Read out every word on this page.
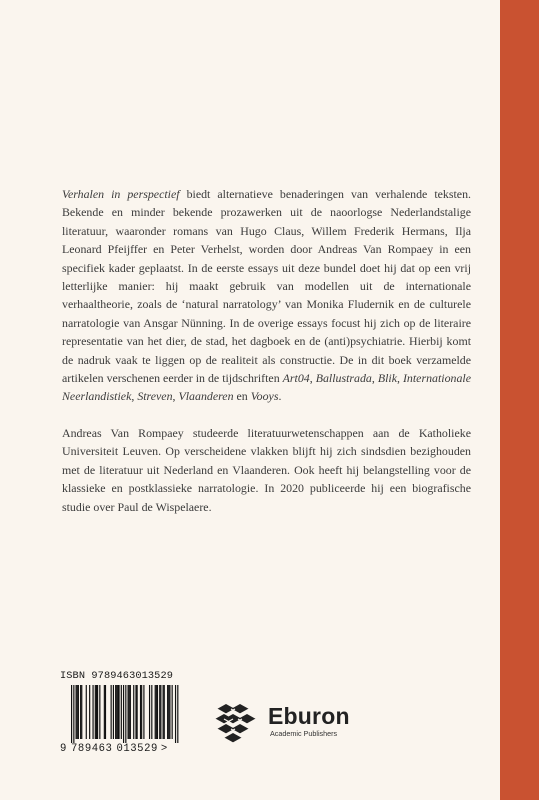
Verhalen in perspectief biedt alternatieve benaderingen van verhalende teksten. Bekende en minder bekende prozawerken uit de naoorlogse Nederlandstalige literatuur, waaronder romans van Hugo Claus, Willem Frederik Hermans, Ilja Leonard Pfeijffer en Peter Verhelst, worden door Andreas Van Rompaey in een specifiek kader geplaatst. In de eerste essays uit deze bundel doet hij dat op een vrij letterlijke manier: hij maakt gebruik van modellen uit de internationale verhaaltheorie, zoals de ‘natural narratology’ van Monika Fludernik en de culturele narratologie van Ansgar Nünning. In de overige essays focust hij zich op de literaire representatie van het dier, de stad, het dagboek en de (anti)psychiatrie. Hierbij komt de nadruk vaak te liggen op de realiteit als constructie. De in dit boek verzamelde artikelen verschenen eerder in de tijdschriften Art04, Ballustrada, Blik, Internationale Neerlandistiek, Streven, Vlaanderen en Vooys.

Andreas Van Rompaey studeerde literatuurwetenschappen aan de Katholieke Universiteit Leuven. Op verscheidene vlakken blijft hij zich sindsdien bezighouden met de literatuur uit Nederland en Vlaanderen. Ook heeft hij belangstelling voor de klassieke en postklassieke narratologie. In 2020 publiceerde hij een biografische studie over Paul de Wispelaere.

ISBN 9789463013529
9 789463 013529 >
Eburon
Academic Publishers
